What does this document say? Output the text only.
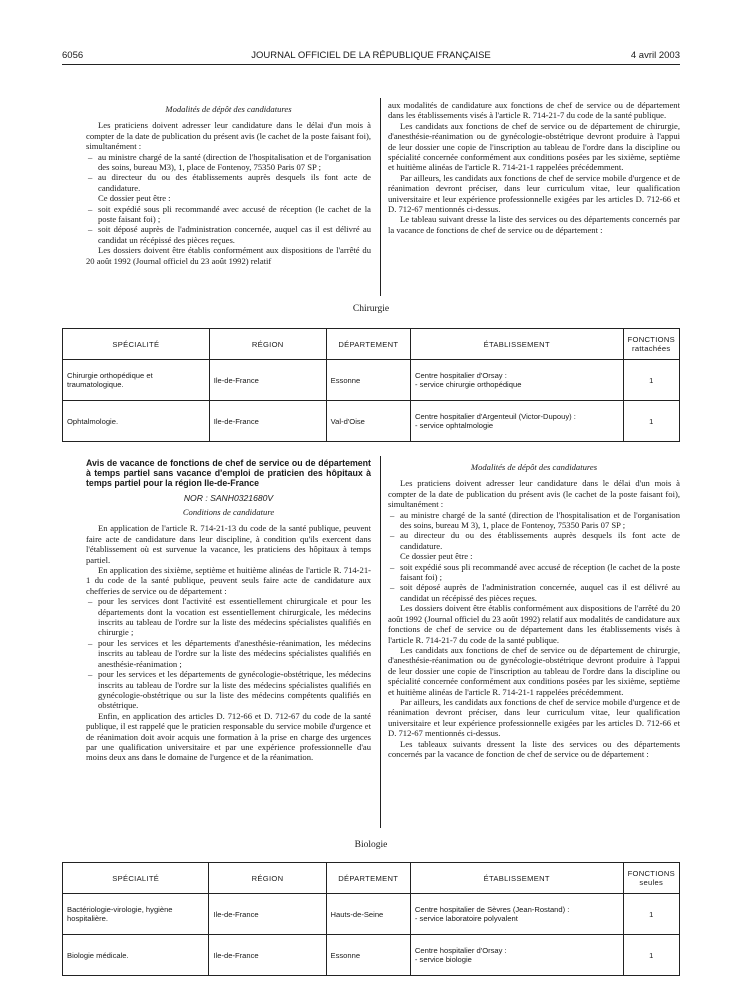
6056	JOURNAL OFFICIEL DE LA RÉPUBLIQUE FRANÇAISE	4 avril 2003

Modalités de dépôt des candidatures

Les praticiens doivent adresser leur candidature dans le délai d'un mois à compter de la date de publication du présent avis (le cachet de la poste faisant foi), simultanément :

– au ministre chargé de la santé (direction de l'hospitalisation et de l'organisation des soins, bureau M3), 1, place de Fontenoy, 75350 Paris 07 SP ;
– au directeur du ou des établissements auprès desquels ils font acte de candidature.

Ce dossier peut être :

– soit expédié sous pli recommandé avec accusé de réception (le cachet de la poste faisant foi) ;
– soit déposé auprès de l'administration concernée, auquel cas il est délivré au candidat un récépissé des pièces reçues.

Les dossiers doivent être établis conformément aux dispositions de l'arrêté du 20 août 1992 (Journal officiel du 23 août 1992) relatif

aux modalités de candidature aux fonctions de chef de service ou de département dans les établissements visés à l'article R. 714-21-7 du code de la santé publique.

Les candidats aux fonctions de chef de service ou de département de chirurgie, d'anesthésie-réanimation ou de gynécologie-obstétrique devront produire à l'appui de leur dossier une copie de l'inscription au tableau de l'ordre dans la discipline ou spécialité concernée conformément aux conditions posées par les sixième, septième et huitième alinéas de l'article R. 714-21-1 rappelées précédemment.

Par ailleurs, les candidats aux fonctions de chef de service mobile d'urgence et de réanimation devront préciser, dans leur curriculum vitae, leur qualification universitaire et leur expérience professionnelle exigées par les articles D. 712-66 et D. 712-67 mentionnés ci-dessus.

Le tableau suivant dresse la liste des services ou des départements concernés par la vacance de fonctions de chef de service ou de département :

Chirurgie
SPÉCIALITÉ	RÉGION	DÉPARTEMENT	ÉTABLISSEMENT	FONCTIONS rattachées
Chirurgie orthopédique et traumatologique.	Ile-de-France	Essonne	Centre hospitalier d'Orsay :
- service chirurgie orthopédique	1
Ophtalmologie.	Ile-de-France	Val-d'Oise	Centre hospitalier d'Argenteuil (Victor-Dupouy) :
- service ophtalmologie	1

Avis de vacance de fonctions de chef de service ou de département à temps partiel sans vacance d'emploi de praticien des hôpitaux à temps partiel pour la région Ile-de-France

NOR : SANH0321680V

Conditions de candidature

En application de l'article R. 714-21-13 du code de la santé publique, peuvent faire acte de candidature dans leur discipline, à condition qu'ils exercent dans l'établissement où est survenue la vacance, les praticiens des hôpitaux à temps partiel.

En application des sixième, septième et huitième alinéas de l'article R. 714-21-1 du code de la santé publique, peuvent seuls faire acte de candidature aux chefferies de service ou de département :

– pour les services dont l'activité est essentiellement chirurgicale et pour les départements dont la vocation est essentiellement chirurgicale, les médecins inscrits au tableau de l'ordre sur la liste des médecins spécialistes qualifiés en chirurgie ;
– pour les services et les départements d'anesthésie-réanimation, les médecins inscrits au tableau de l'ordre sur la liste des médecins spécialistes qualifiés en anesthésie-réanimation ;
– pour les services et les départements de gynécologie-obstétrique, les médecins inscrits au tableau de l'ordre sur la liste des médecins spécialistes qualifiés en gynécologie-obstétrique ou sur la liste des médecins compétents qualifiés en obstétrique.

Enfin, en application des articles D. 712-66 et D. 712-67 du code de la santé publique, il est rappelé que le praticien responsable du service mobile d'urgence et de réanimation doit avoir acquis une formation à la prise en charge des urgences par une qualification universitaire et par une expérience professionnelle d'au moins deux ans dans le domaine de l'urgence et de la réanimation.

Modalités de dépôt des candidatures

Les praticiens doivent adresser leur candidature dans le délai d'un mois à compter de la date de publication du présent avis (le cachet de la poste faisant foi), simultanément :

– au ministre chargé de la santé (direction de l'hospitalisation et de l'organisation des soins, bureau M 3), 1, place de Fontenoy, 75350 Paris 07 SP ;
– au directeur du ou des établissements auprès desquels ils font acte de candidature.

Ce dossier peut être :

– soit expédié sous pli recommandé avec accusé de réception (le cachet de la poste faisant foi) ;
– soit déposé auprès de l'administration concernée, auquel cas il est délivré au candidat un récépissé des pièces reçues.

Les dossiers doivent être établis conformément aux dispositions de l'arrêté du 20 août 1992 (Journal officiel du 23 août 1992) relatif aux modalités de candidature aux fonctions de chef de service ou de département dans les établissements visés à l'article R. 714-21-7 du code de la santé publique.

Les candidats aux fonctions de chef de service ou de département de chirurgie, d'anesthésie-réanimation ou de gynécologie-obstétrique devront produire à l'appui de leur dossier une copie de l'inscription au tableau de l'ordre dans la discipline ou spécialité concernée conformément aux conditions posées par les sixième, septième et huitième alinéas de l'article R. 714-21-1 rappelées précédemment.

Par ailleurs, les candidats aux fonctions de chef de service mobile d'urgence et de réanimation devront préciser, dans leur curriculum vitae, leur qualification universitaire et leur expérience professionnelle exigées par les articles D. 712-66 et D. 712-67 mentionnés ci-dessus.

Les tableaux suivants dressent la liste des services ou des départements concernés par la vacance de fonction de chef de service ou de département :

Biologie
SPÉCIALITÉ	RÉGION	DÉPARTEMENT	ÉTABLISSEMENT	FONCTIONS seules
Bactériologie-virologie, hygiène hospitalière.	Ile-de-France	Hauts-de-Seine	Centre hospitalier de Sèvres (Jean-Rostand) :
- service laboratoire polyvalent	1
Biologie médicale.	Ile-de-France	Essonne	Centre hospitalier d'Orsay :
- service biologie	1
